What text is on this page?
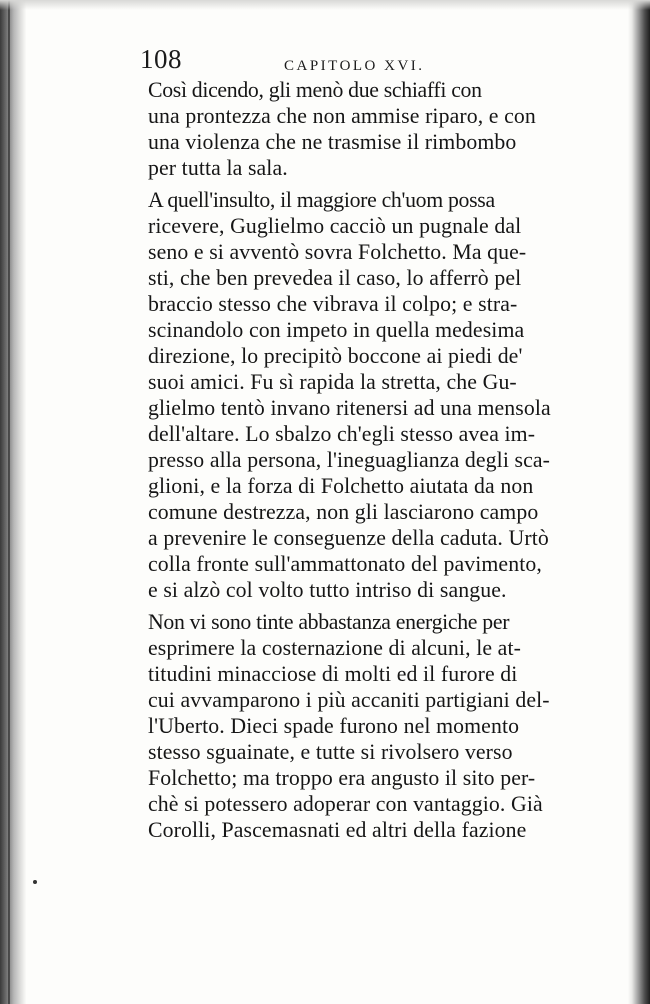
108	CAPITOLO XVI.

Così dicendo, gli menò due schiaffi con
una prontezza che non ammise riparo, e con
una violenza che ne trasmise il rimbombo
per tutta la sala.

A quell'insulto, il maggiore ch'uom possa
ricevere, Guglielmo cacciò un pugnale dal
seno e si avventò sovra Folchetto. Ma que-
sti, che ben prevedea il caso, lo afferrò pel
braccio stesso che vibrava il colpo; e stra-
scinandolo con impeto in quella medesima
direzione, lo precipitò boccone ai piedi de'
suoi amici. Fu sì rapida la stretta, che Gu-
glielmo tentò invano ritenersi ad una mensola
dell'altare. Lo sbalzo ch'egli stesso avea im-
presso alla persona, l'ineguaglianza degli sca-
glioni, e la forza di Folchetto aiutata da non
comune destrezza, non gli lasciarono campo
a prevenire le conseguenze della caduta. Urtò
colla fronte sull'ammattonato del pavimento,
e si alzò col volto tutto intriso di sangue.

Non vi sono tinte abbastanza energiche per
esprimere la costernazione di alcuni, le at-
titudini minacciose di molti ed il furore di
cui avvamparono i più accaniti partigiani del-
l'Uberto. Dieci spade furono nel momento
stesso sguainate, e tutte si rivolsero verso
Folchetto; ma troppo era angusto il sito per-
chè si potessero adoperar con vantaggio. Già
Corolli, Pascemasnati ed altri della fazione
